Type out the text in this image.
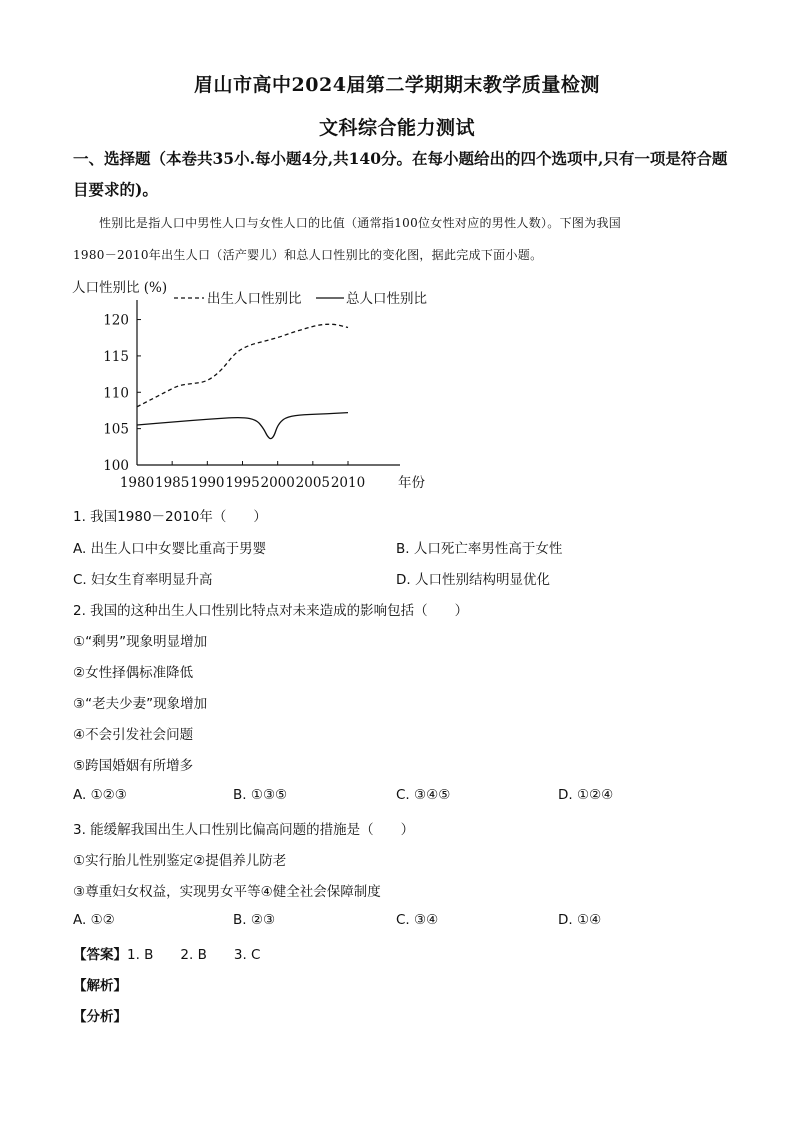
眉山市高中2024届第二学期期末教学质量检测
文科综合能力测试
一、选择题（本卷共35小.每小题4分,共140分。在每小题给出的四个选项中,只有一项是符合题目要求的)。
性别比是指人口中男性人口与女性人口的比值（通常指100位女性对应的男性人数）。下图为我国
1980－2010年出生人口（活产婴儿）和总人口性别比的变化图，据此完成下面小题。
100
105
110
115
120
1980 1985 1990 1995 2000 2005 2010
人口性别比 (%)
年份
出生人口性别比	总人口性别比
1. 我国1980－2010年（　　）
A. 出生人口中女婴比重高于男婴	B. 人口死亡率男性高于女性
C. 妇女生育率明显升高	D. 人口性别结构明显优化
2. 我国的这种出生人口性别比特点对未来造成的影响包括（　　）
①“剩男”现象明显增加
②女性择偶标准降低
③“老夫少妻”现象增加
④不会引发社会问题
⑤跨国婚姻有所增多
A. ①②③	B. ①③⑤	C. ③④⑤	D. ①②④
3. 能缓解我国出生人口性别比偏高问题的措施是（　　）
①实行胎儿性别鉴定②提倡养儿防老
③尊重妇女权益，实现男女平等④健全社会保障制度
A. ①②	B. ②③	C. ③④	D. ①④
【答案】1. B　　2. B　　3. C
【解析】
【分析】
